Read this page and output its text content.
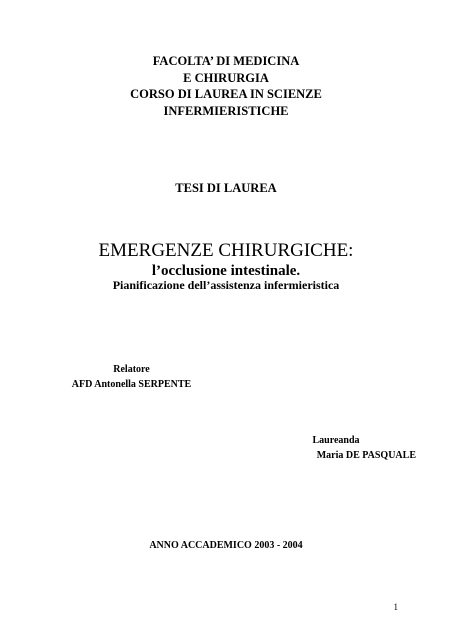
FACOLTA’ DI MEDICINA
E CHIRURGIA
CORSO DI LAUREA IN SCIENZE
INFERMIERISTICHE
TESI DI LAUREA
EMERGENZE CHIRURGICHE:
l’occlusione intestinale.
Pianificazione dell’assistenza infermieristica
Relatore
AFD Antonella SERPENTE
Laureanda
Maria DE PASQUALE
ANNO ACCADEMICO 2003 - 2004
1
